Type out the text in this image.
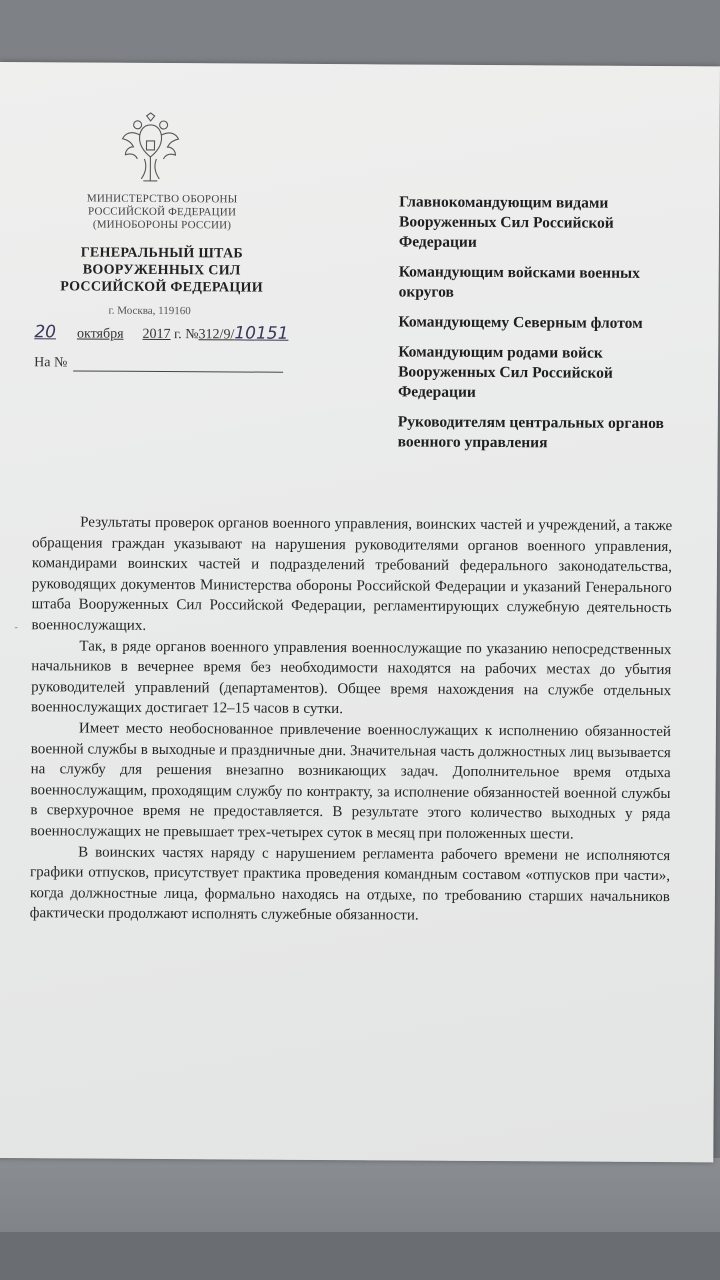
МИНИСТЕРСТВО ОБОРОНЫ
РОССИЙСКОЙ ФЕДЕРАЦИИ
(МИНОБОРОНЫ РОССИИ)
ГЕНЕРАЛЬНЫЙ ШТАБ
ВООРУЖЕННЫХ СИЛ
РОССИЙСКОЙ ФЕДЕРАЦИИ
г. Москва, 119160
20 октября 2017 г. №312/9/10151
На №
Главнокомандующим видами Вооруженных Сил Российской Федерации
Командующим войсками военных округов
Командующему Северным флотом
Командующим родами войск Вооруженных Сил Российской Федерации
Руководителям центральных органов военного управления

Результаты проверок органов военного управления, воинских частей и учреждений, а также обращения граждан указывают на нарушения руководителями органов военного управления, командирами воинских частей и подразделений требований федерального законодательства, руководящих документов Министерства обороны Российской Федерации и указаний Генерального штаба Вооруженных Сил Российской Федерации, регламентирующих служебную деятельность военнослужащих.

Так, в ряде органов военного управления военнослужащие по указанию непосредственных начальников в вечернее время без необходимости находятся на рабочих местах до убытия руководителей управлений (департаментов). Общее время нахождения на службе отдельных военнослужащих достигает 12–15 часов в сутки.

Имеет место необоснованное привлечение военнослужащих к исполнению обязанностей военной службы в выходные и праздничные дни. Значительная часть должностных лиц вызывается на службу для решения внезапно возникающих задач. Дополнительное время отдыха военнослужащим, проходящим службу по контракту, за исполнение обязанностей военной службы в сверхурочное время не предоставляется. В результате этого количество выходных у ряда военнослужащих не превышает трех-четырех суток в месяц при положенных шести.

В воинских частях наряду с нарушением регламента рабочего времени не исполняются графики отпусков, присутствует практика проведения командным составом «отпусков при части», когда должностные лица, формально находясь на отдыхе, по требованию старших начальников фактически продолжают исполнять служебные обязанности.

-
